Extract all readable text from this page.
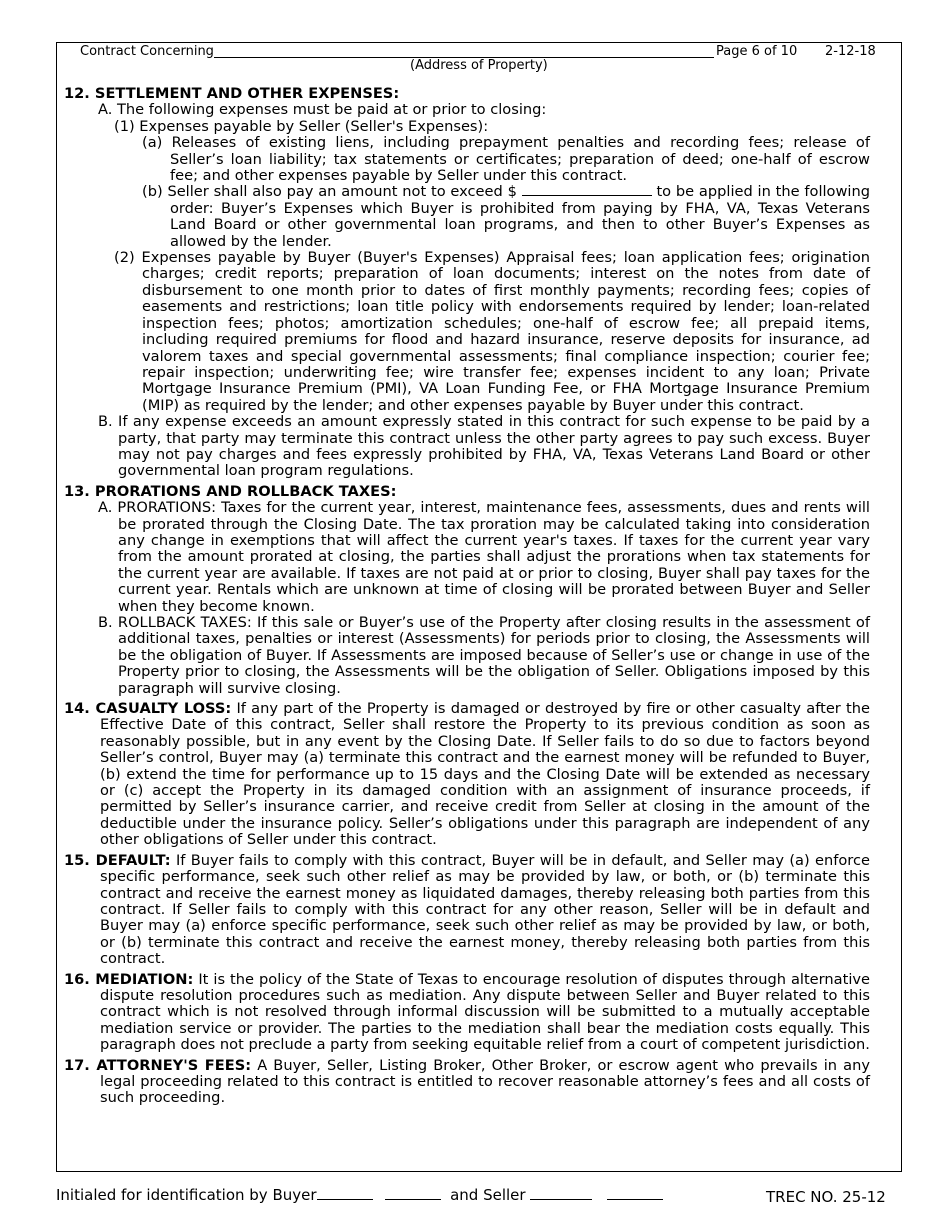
Contract Concerning	Page 6 of 10 2-12-18
(Address of Property)

12. SETTLEMENT AND OTHER EXPENSES:

A. The following expenses must be paid at or prior to closing:

(1) Expenses payable by Seller (Seller's Expenses):

(a) Releases of existing liens, including prepayment penalties and recording fees; release of Seller’s loan liability; tax statements or certificates; preparation of deed; one-half of escrow fee; and other expenses payable by Seller under this contract.

(b) Seller shall also pay an amount not to exceed $	to be applied in the following order: Buyer’s Expenses which Buyer is prohibited from paying by FHA, VA, Texas Veterans Land Board or other governmental loan programs, and then to other Buyer’s Expenses as allowed by the lender.

(2) Expenses payable by Buyer (Buyer's Expenses) Appraisal fees; loan application fees; origination charges; credit reports; preparation of loan documents; interest on the notes from date of disbursement to one month prior to dates of first monthly payments; recording fees; copies of easements and restrictions; loan title policy with endorsements required by lender; loan-related inspection fees; photos; amortization schedules; one-half of escrow fee; all prepaid items, including required premiums for flood and hazard insurance, reserve deposits for insurance, ad valorem taxes and special governmental assessments; final compliance inspection; courier fee; repair inspection; underwriting fee; wire transfer fee; expenses incident to any loan; Private Mortgage Insurance Premium (PMI), VA Loan Funding Fee, or FHA Mortgage Insurance Premium (MIP) as required by the lender; and other expenses payable by Buyer under this contract.

B. If any expense exceeds an amount expressly stated in this contract for such expense to be paid by a party, that party may terminate this contract unless the other party agrees to pay such excess. Buyer may not pay charges and fees expressly prohibited by FHA, VA, Texas Veterans Land Board or other governmental loan program regulations.

13. PRORATIONS AND ROLLBACK TAXES:

A. PRORATIONS: Taxes for the current year, interest, maintenance fees, assessments, dues and rents will be prorated through the Closing Date. The tax proration may be calculated taking into consideration any change in exemptions that will affect the current year's taxes. If taxes for the current year vary from the amount prorated at closing, the parties shall adjust the prorations when tax statements for the current year are available. If taxes are not paid at or prior to closing, Buyer shall pay taxes for the current year. Rentals which are unknown at time of closing will be prorated between Buyer and Seller when they become known.

B. ROLLBACK TAXES: If this sale or Buyer’s use of the Property after closing results in the assessment of additional taxes, penalties or interest (Assessments) for periods prior to closing, the Assessments will be the obligation of Buyer. If Assessments are imposed because of Seller’s use or change in use of the Property prior to closing, the Assessments will be the obligation of Seller. Obligations imposed by this paragraph will survive closing.

14. CASUALTY LOSS: If any part of the Property is damaged or destroyed by fire or other casualty after the Effective Date of this contract, Seller shall restore the Property to its previous condition as soon as reasonably possible, but in any event by the Closing Date. If Seller fails to do so due to factors beyond Seller’s control, Buyer may (a) terminate this contract and the earnest money will be refunded to Buyer, (b) extend the time for performance up to 15 days and the Closing Date will be extended as necessary or (c) accept the Property in its damaged condition with an assignment of insurance proceeds, if permitted by Seller’s insurance carrier, and receive credit from Seller at closing in the amount of the deductible under the insurance policy. Seller’s obligations under this paragraph are independent of any other obligations of Seller under this contract.

15. DEFAULT: If Buyer fails to comply with this contract, Buyer will be in default, and Seller may (a) enforce specific performance, seek such other relief as may be provided by law, or both, or (b) terminate this contract and receive the earnest money as liquidated damages, thereby releasing both parties from this contract. If Seller fails to comply with this contract for any other reason, Seller will be in default and Buyer may (a) enforce specific performance, seek such other relief as may be provided by law, or both, or (b) terminate this contract and receive the earnest money, thereby releasing both parties from this contract.

16. MEDIATION: It is the policy of the State of Texas to encourage resolution of disputes through alternative dispute resolution procedures such as mediation. Any dispute between Seller and Buyer related to this contract which is not resolved through informal discussion will be submitted to a mutually acceptable mediation service or provider. The parties to the mediation shall bear the mediation costs equally. This paragraph does not preclude a party from seeking equitable relief from a court of competent jurisdiction.

17. ATTORNEY'S FEES: A Buyer, Seller, Listing Broker, Other Broker, or escrow agent who prevails in any legal proceeding related to this contract is entitled to recover reasonable attorney’s fees and all costs of such proceeding.

Initialed for identification by Buyer	and Seller	TREC NO. 25-12
